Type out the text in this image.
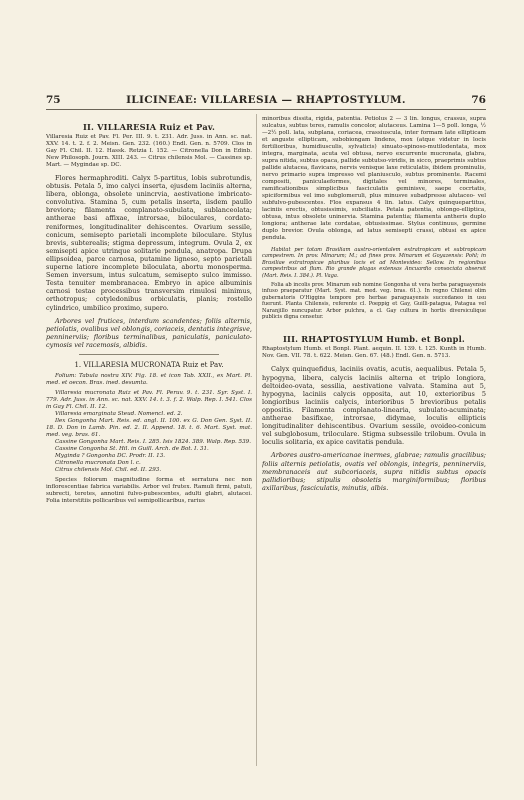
75	ILICINEAE: VILLARESIA — RHAPTOSTYLUM.	76
II. VILLARESIA Ruiz et Pav.

Villaresia Ruiz et Pav. Fl. Per. III. 9. t. 231. Adr. Juss. in Ann. sc. nat. XXV. 14. t. 2. f. 2. Meisn. Gen. 232. (160.) Endl. Gen. n. 5709. Clos in Gay Fl. Chil. II. 12. Hassk. Retzia I. 152. — Citronella Don in Edinb. New Philosoph. Journ. XIII. 243. — Citrus chilensis Mol. — Cassines sp. Mart. — Mygindae sp. DC.

Flores hermaphroditi. Calyx 5-partitus, lobis subrotundis, obtusis. Petala 5, imo calyci inserta, ejusdem laciniis alterna, libera, oblonga, obsolete unincrvia, aestivatione imbricato-convolutiva. Stamina 5, cum petalis inserta, iisdem paullo breviora; filamenta complanato-subulata, sublanceolata; antherae basi affixae, introrsae, biloculares, cordato-reniformes, longitudinaliter dehiscentes. Ovarium sessile, conicum, semisepto parietali incomplete biloculare. Stylus brevis, subterealis; stigma depressum, integrum. Ovula 2, ex semisepti apice utrinque solitarie pendula, anatropa. Drupa ellipsoidea, parce carnosa, putamine ligneso, septo parietali superne latiore incomplete biloculata, abortu monosperma. Semen inversum, intus sulcatum, semisepto sulco immisso. Testa tenuiter membranacea. Embryo in apice albuminis carnosi testae processibus transversim rimulosi minimus, orthotropus; cotyledonibus orbiculatis, planis; rostello cylindrico, umbilico proximo, supero.

Arbores vel frutices, interdum scandentes; foliis alternis, petiolatis, ovalibus vel oblongis, coriaceis, dentatis integrisve, penninerviis; floribus terminalibus, paniculatis, paniculato-cymosis vel racemosis, albidis.

1. VILLARESIA MUCRONATA Ruiz et Pav.

Folium: Tabula nostra XIV. Fig. 18. et icon Tab. XXII., ex Mart. Pl. med. et oecon. Bras. ined. desumta.

Villaresia mucronata Ruiz et Pav. Fl. Peruv. 9. t. 231. Syr. Syst. I. 779. Adr. Juss. in Ann. sc. nat. XXV. 14. t. 3. f. 2. Walp. Rep. I. 541. Clos in Gay Fl. Chil. II. 12.

Villaresia emarginata Steud. Nomencl. ed. 2.

Ilex Gongonha Mart. Reis. ed. angl. II. 100. ex G. Don Gen. Syst. II. 18. D. Don in Lamb. Pin. ed. 2. II. Append. 18. t. 6. Mart. Syst. mat. med. veg. bras. 61.

Cassine Gongonha Mart. Reis. I. 285. Isis 1824. 389. Walp. Rep. 539.

Cassine Congonha St. Hil. in Guill. Arch. de Bot. I. 31.

Myginda ? Gongonha DC. Prodr. II. 13.

Citronella mucronata Don l. c.

Citrus chilensis Mol. Chil. ed. II. 293.

Species foliorum magnitudine forma et serratura nec non inflorescentiae fabrica variabilis. Arbor vel frutex. Ramuli firmi, patuli, subrecti, teretes, annotini fulvo-pubescentes, adulti glabri, alutacei. Folia interstitiis pollicaribus vel semipollicaribus, rarius

minoribus dissita, rigida, patentia. Petiolus 2 — 3 lin. longus, crassus, supra sulcatus, subtus teres, ramulis concolor, alutaceus. Lamina 1—5 poll. longa, ½—2½ poll. lata, subplana, coriacea, crassiuscula, inter formam late ellipticam et anguste ellipticam, subobiongam lindens, mox (atque videtur in locis fertilioribus, humidiusculis, sylvaticis) sinuato-spinoso-mutilodentata, mox integra, marginata, acuta vel obtusa, nervo excurrente mucronata, glabra, supra nitida, subtus opaca, pallide subtutso-viridis, in sicco, praeprimis subtus pallide alutacea, flavicans, nervis venisque laxe reticulatis, ibidem prominulis, nervo primario supra impresso vel planiusculo, subtus prominente. Racemi compositi, paniculaeformes, digitales vel minores, terminales, ramificationibus simplicibus fasciculatis geminisve, saepe cocrtatis, spiciformibus vel imo subglomeruli, plus minusve subadpresse alutaceo- vel subfulvo-pubescentes. Flos expansus 4 lin. latus. Calyx quinquepartitus, laciniis erectis, obtusissimis, subciliatis. Petala patentia, oblongo-elliptica, obtusa, intus obsolete uninervia. Stamina patentia; filamenta antheris duplo longiora; antherae late cordatae, obtusissimae. Stylus continuus, germine duplo brevior. Ovula oblonga, ad latus semisepti crassi, obtusi ex apice pendula.

Habitat per totam Brasiliam austro-orientalem extratropicam et subtropicam campestrem. In prov. Minarum; M.; ad fines prov. Minarum et Goyazensis: Pohl; in Brasiliae extratropicae pluribus locis et ad Montevideo: Sellow. In regionibus campestribus ad flum. Rio grande plagas extensas Ancuardio consociata obsersit (Mart. Reis. I. 384.). Pl. Vaga.

Folia ab incolis prov. Minarum sub nomine Gongonha ut vera herba paraguayensis infuso praeparatur (Mart. Syst. mat. med. veg. bras. 61.). In regno Chilensi olim gubernatoris O'Higgins tempore pro herbae paraguayensis succedaneo in usu fuerunt. Planta Chilensis, referente cl. Poeppig et Gay, Guilli-patagua, Patagua vel Naranjillo nuncupatur. Arbor pulchra, a cl. Gay cultura in hortis diversiculique publicis digna censetur.

III. RHAPTOSTYLUM Humb. et Bonpl.

Rhaptostylum Humb. et Bonpl. Plant. aequin. II. 139. t. 125. Kunth in Humb. Nov. Gen. VII. 78. t. 622. Meisn. Gen. 67. (48.) Endl. Gen. n. 5713.

Calyx quinquefidus, laciniis ovatis, acutis, aequalibus. Petala 5, hypogyna, libera, calycis laciniis alterna et triplo longiora, deltoideo-ovata, sessilia, aestivatione valvata. Stamina aut 5, hypogyna, laciniis calycis opposita, aut 10, exterioribus 5 longioribus laciniis calycis, interioribus 5 brevioribus petalis oppositis. Filamenta complanato-linearia, subulato-acuminata; antherae basifixae, introrsae, didymae, loculis ellipticis longitudinaliter dehiscentibus. Ovarium sessile, ovoideo-conicum vel subglobosum, triloculare. Stigma subsessile trilobum. Ovula in loculis solitaria, ex apice cavitatis pendula.

Arbores austro-americanae inermes, glabrae; ramulis gracilibus; foliis alternis petiolatis, ovatis vel oblongis, integris, penninerviis, membranaceis aut subcoriaceis, supra nitidis subtus opacis pallidioribus; stipulis obsoletis marginiformibus; floribus axillaribus, fasciculatis, minutis, albis.
